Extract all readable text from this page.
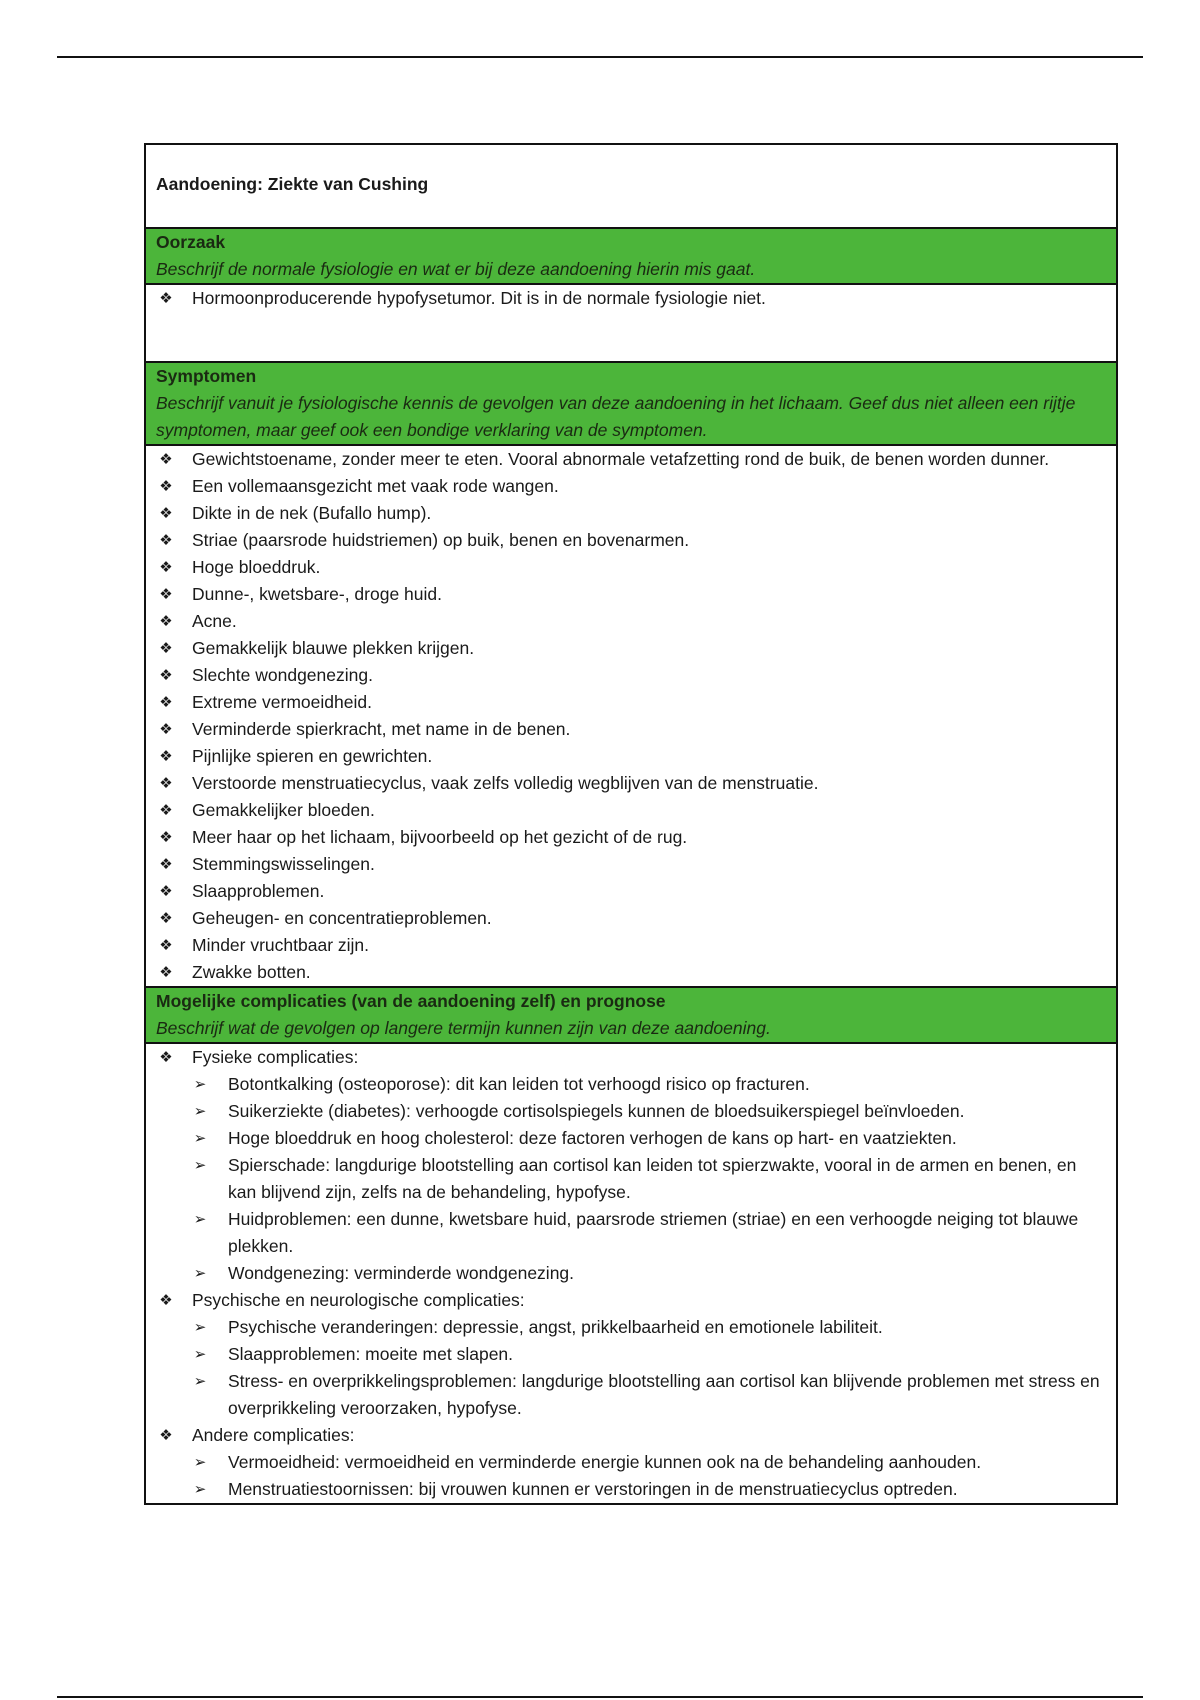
Aandoening: Ziekte van Cushing
Oorzaak
Beschrijf de normale fysiologie en wat er bij deze aandoening hierin mis gaat.
❖ Hormoonproducerende hypofysetumor. Dit is in de normale fysiologie niet.
Symptomen
Beschrijf vanuit je fysiologische kennis de gevolgen van deze aandoening in het lichaam. Geef dus niet alleen een rijtje symptomen, maar geef ook een bondige verklaring van de symptomen.
❖ Gewichtstoename, zonder meer te eten. Vooral abnormale vetafzetting rond de buik, de benen worden dunner.
❖ Een vollemaansgezicht met vaak rode wangen.
❖ Dikte in de nek (Bufallo hump).
❖ Striae (paarsrode huidstriemen) op buik, benen en bovenarmen.
❖ Hoge bloeddruk.
❖ Dunne-, kwetsbare-, droge huid.
❖ Acne.
❖ Gemakkelijk blauwe plekken krijgen.
❖ Slechte wondgenezing.
❖ Extreme vermoeidheid.
❖ Verminderde spierkracht, met name in de benen.
❖ Pijnlijke spieren en gewrichten.
❖ Verstoorde menstruatiecyclus, vaak zelfs volledig wegblijven van de menstruatie.
❖ Gemakkelijker bloeden.
❖ Meer haar op het lichaam, bijvoorbeeld op het gezicht of de rug.
❖ Stemmingswisselingen.
❖ Slaapproblemen.
❖ Geheugen- en concentratieproblemen.
❖ Minder vruchtbaar zijn.
❖ Zwakke botten.
Mogelijke complicaties (van de aandoening zelf) en prognose
Beschrijf wat de gevolgen op langere termijn kunnen zijn van deze aandoening.
❖ Fysieke complicaties:
➢ Botontkalking (osteoporose): dit kan leiden tot verhoogd risico op fracturen.
➢ Suikerziekte (diabetes): verhoogde cortisolspiegels kunnen de bloedsuikerspiegel beïnvloeden.
➢ Hoge bloeddruk en hoog cholesterol: deze factoren verhogen de kans op hart- en vaatziekten.
➢ Spierschade: langdurige blootstelling aan cortisol kan leiden tot spierzwakte, vooral in de armen en benen, en kan blijvend zijn, zelfs na de behandeling, hypofyse.
➢ Huidproblemen: een dunne, kwetsbare huid, paarsrode striemen (striae) en een verhoogde neiging tot blauwe plekken.
➢ Wondgenezing: verminderde wondgenezing.
❖ Psychische en neurologische complicaties:
➢ Psychische veranderingen: depressie, angst, prikkelbaarheid en emotionele labiliteit.
➢ Slaapproblemen: moeite met slapen.
➢ Stress- en overprikkelingsproblemen: langdurige blootstelling aan cortisol kan blijvende problemen met stress en overprikkeling veroorzaken, hypofyse.
❖ Andere complicaties:
➢ Vermoeidheid: vermoeidheid en verminderde energie kunnen ook na de behandeling aanhouden.
➢ Menstruatiestoornissen: bij vrouwen kunnen er verstoringen in de menstruatiecyclus optreden.
